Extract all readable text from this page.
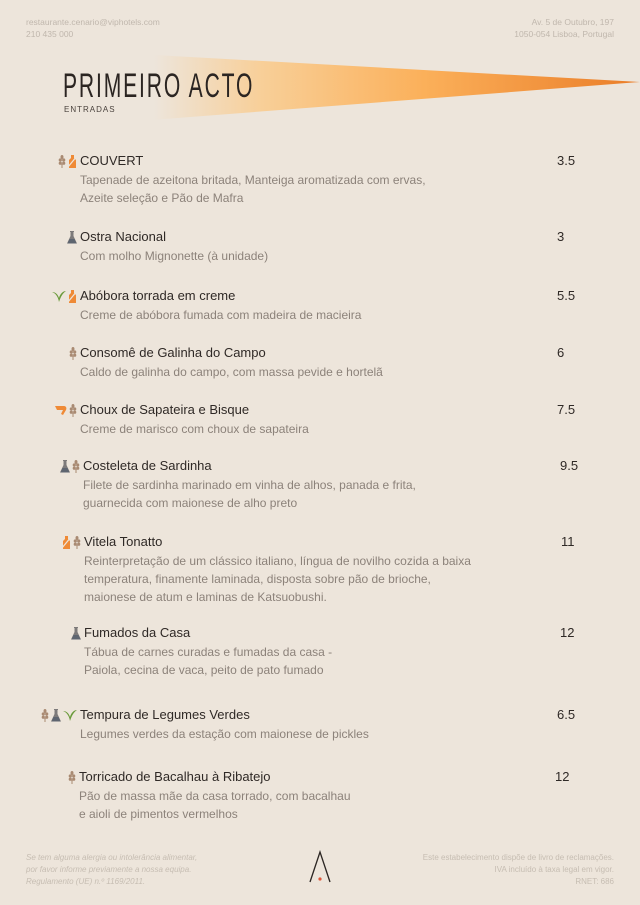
restaurante.cenario@viphotels.com
210 435 000
Av. 5 de Outubro, 197
1050-054 Lisboa, Portugal
PRIMEIRO ACTO
ENTRADAS
COUVERT
Tapenade de azeitona britada, Manteiga aromatizada com ervas,
Azeite seleção e Pão de Mafra
3.5
Ostra Nacional
Com molho Mignonette (à unidade)
3
Abóbora torrada em creme
Creme de abóbora fumada com madeira de macieira
5.5
Consomê de Galinha do Campo
Caldo de galinha do campo, com massa pevide e hortelã
6
Choux de Sapateira e Bisque
Creme de marisco com choux de sapateira
7.5
Costeleta de Sardinha
Filete de sardinha marinado em vinha de alhos, panada e frita,
guarnecida com maionese de alho preto
9.5
Vitela Tonatto
Reinterpretação de um clássico italiano, língua de novilho cozida a baixa
temperatura, finamente laminada, disposta sobre pão de brioche,
maionese de atum e laminas de Katsuobushi.
11
Fumados da Casa
Tábua de carnes curadas e fumadas da casa -
Paiola, cecina de vaca, peito de pato fumado
12
Tempura de Legumes Verdes
Legumes verdes da estação com maionese de pickles
6.5
Torricado de Bacalhau à Ribatejo
Pão de massa mãe da casa torrado, com bacalhau
e aioli de pimentos vermelhos
12
Se tem alguma alergia ou intolerância alimentar,
por favor informe previamente a nossa equipa.
Regulamento (UE) n.º 1169/2011.
Este estabelecimento dispõe de livro de reclamações.
IVA incluído à taxa legal em vigor.
RNET: 686
